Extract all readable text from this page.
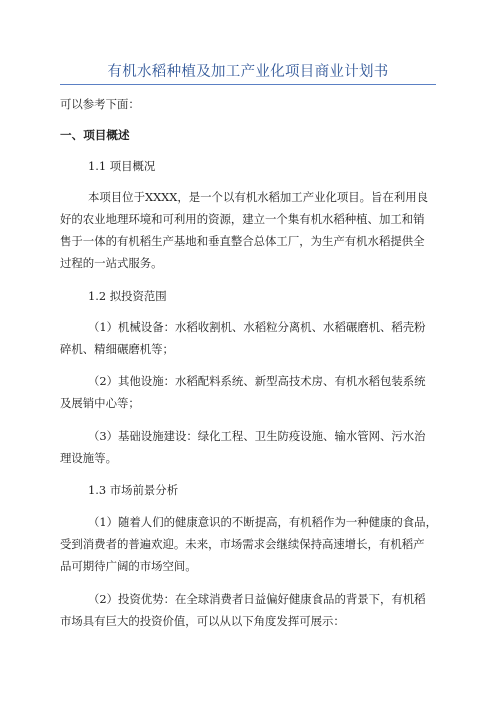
有机水稻种植及加工产业化项目商业计划书
可以参考下面：
一、项目概述
1.1 项目概况
本项目位于XXXX，是一个以有机水稻加工产业化项目。旨在利用良
好的农业地理环境和可利用的资源，建立一个集有机水稻种植、加工和销
售于一体的有机稻生产基地和垂直整合总体工厂，为生产有机水稻提供全
过程的一站式服务。
1.2 拟投资范围
（1）机械设备：水稻收割机、水稻粒分离机、水稻碾磨机、稻壳粉
碎机、精细碾磨机等；
（2）其他设施：水稻配料系统、新型高技术房、有机水稻包装系统
及展销中心等；
（3）基础设施建设：绿化工程、卫生防疫设施、输水管网、污水治
理设施等。
1.3 市场前景分析
（1）随着人们的健康意识的不断提高，有机稻作为一种健康的食品，
受到消费者的普遍欢迎。未来，市场需求会继续保持高速增长，有机稻产
品可期待广阔的市场空间。
（2）投资优势：在全球消费者日益偏好健康食品的背景下，有机稻
市场具有巨大的投资价值，可以从以下角度发挥可展示：
